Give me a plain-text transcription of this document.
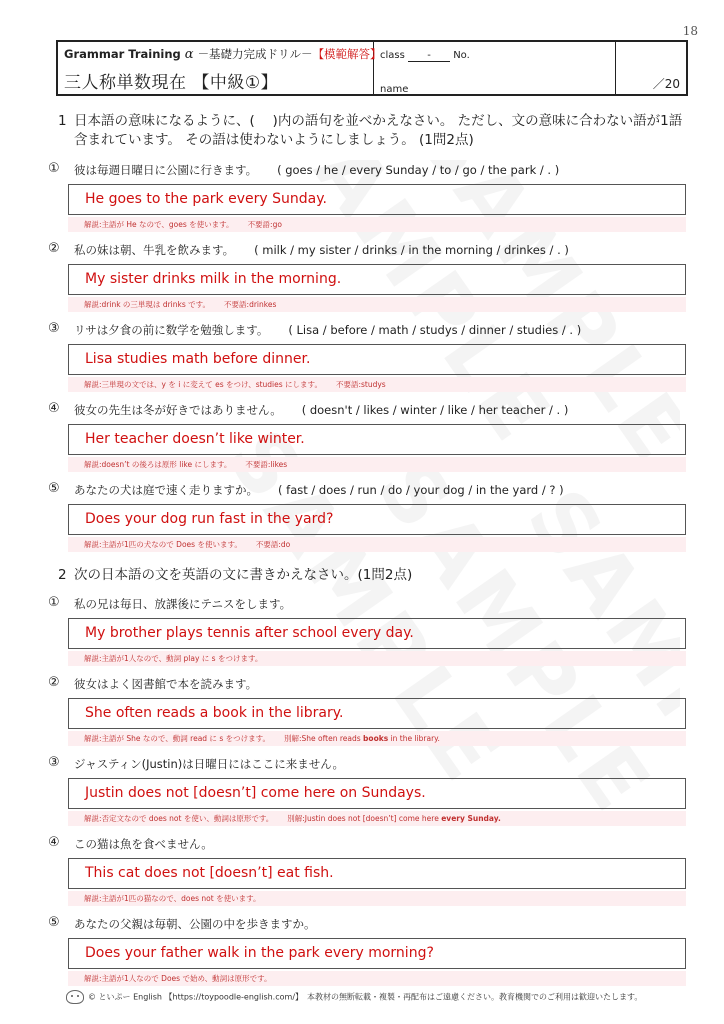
18
Grammar Training α －基礎力完成ドリル－【模範解答】
三人称単数現在 【中級①】
class - No.
name	／20
1 日本語の意味になるように、(　 )内の語句を並べかえなさい。 ただし、文の意味に合わない語が1語
含まれています。 その語は使わないようにしましょう。 (1問2点)
① 彼は毎週日曜日に公園に行きます。 ( goes / he / every Sunday / to / go / the park / . )
He goes to the park every Sunday.
解説:主語が He なので、goes を使います。 不要語:go
② 私の妹は朝、牛乳を飲みます。 ( milk / my sister / drinks / in the morning / drinkes / . )
My sister drinks milk in the morning.
解説:drink の三単現は drinks です。 不要語:drinkes
③ リサは夕食の前に数学を勉強します。 ( Lisa / before / math / studys / dinner / studies / . )
Lisa studies math before dinner.
解説:三単現の文では、y を i に変えて es をつけ、studies にします。 不要語:studys
④ 彼女の先生は冬が好きではありません。 ( doesn't / likes / winter / like / her teacher / . )
Her teacher doesn’t like winter.
解説:doesn’t の後ろは原形 like にします。 不要語:likes
⑤ あなたの犬は庭で速く走りますか。 ( fast / does / run / do / your dog / in the yard / ? )
Does your dog run fast in the yard?
解説:主語が1匹の犬なので Does を使います。 不要語:do
2 次の日本語の文を英語の文に書きかえなさい。(1問2点)
① 私の兄は毎日、放課後にテニスをします。
My brother plays tennis after school every day.
解説:主語が1人なので、動詞 play に s をつけます。
② 彼女はよく図書館で本を読みます。
She often reads a book in the library.
解説:主語が She なので、動詞 read に s をつけます。 別解:She often reads books in the library.
③ ジャスティン(Justin)は日曜日にはここに来ません。
Justin does not [doesn’t] come here on Sundays.
解説:否定文なので does not を使い、動詞は原形です。 別解:Justin does not [doesn’t] come here every Sunday.
④ この猫は魚を食べません。
This cat does not [doesn’t] eat fish.
解説:主語が1匹の猫なので、does not を使います。
⑤ あなたの父親は毎朝、公園の中を歩きますか。
Does your father walk in the park every morning?
解説:主語が1人なので Does で始め、動詞は原形です。
© といぷー English 【https://toypoodle-english.com/】　本教材の無断転載・複製・再配布はご遠慮ください。教育機関でのご利用は歓迎いたします。
